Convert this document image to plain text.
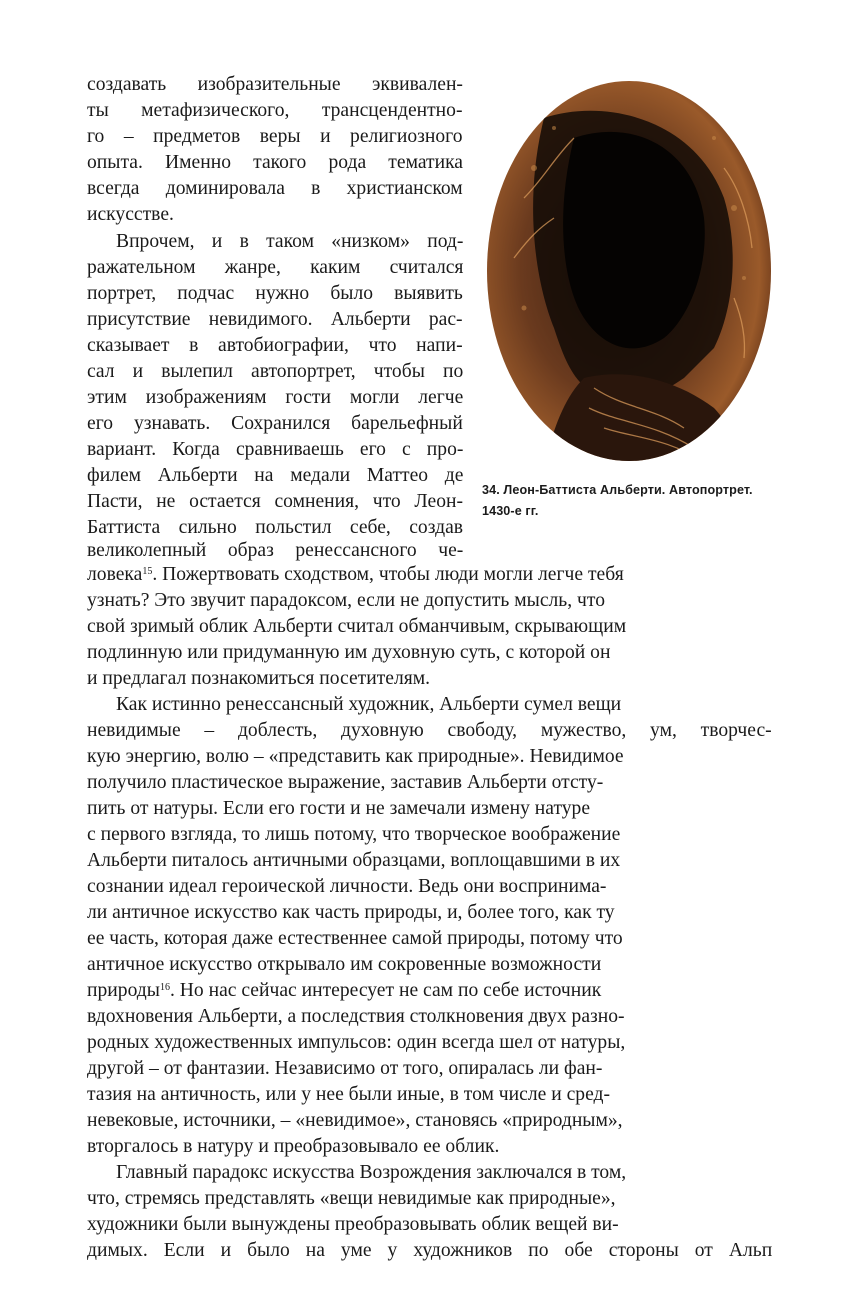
34. Леон-Баттиста Альберти. Автопортрет.
1430-е гг.
создавать изобразительные эквивален-
ты метафизического, трансцендентно-
го – предметов веры и религиозного
опыта. Именно такого рода тематика
всегда доминировала в христианском
искусстве.
Впрочем, и в таком «низком» под-
ражательном жанре, каким считался
портрет, подчас нужно было выявить
присутствие невидимого. Альберти рас-
сказывает в автобиографии, что напи-
сал и вылепил автопортрет, чтобы по
этим изображениям гости могли легче
его узнавать. Сохранился барельефный
вариант. Когда сравниваешь его с про-
филем Альберти на медали Маттео де
Пасти, не остается сомнения, что Леон-
Баттиста сильно польстил себе, создав
великолепный образ ренессансного че-
ловека$^{15}$. Пожертвовать сходством, чтобы люди могли легче тебя
узнать? Это звучит парадоксом, если не допустить мысль, что
свой зримый облик Альберти считал обманчивым, скрывающим
подлинную или придуманную им духовную суть, с которой он
и предлагал познакомиться посетителям.
Как истинно ренессансный художник, Альберти сумел вещи
невидимые – доблесть, духовную свободу, мужество, ум, творчес-
кую энергию, волю – «представить как природные». Невидимое
получило пластическое выражение, заставив Альберти отсту-
пить от натуры. Если его гости и не замечали измену натуре
с первого взгляда, то лишь потому, что творческое воображение
Альберти питалось античными образцами, воплощавшими в их
сознании идеал героической личности. Ведь они воспринима-
ли античное искусство как часть природы, и, более того, как ту
ее часть, которая даже естественнее самой природы, потому что
античное искусство открывало им сокровенные возможности
природы$^{16}$. Но нас сейчас интересует не сам по себе источник
вдохновения Альберти, а последствия столкновения двух разно-
родных художественных импульсов: один всегда шел от натуры,
другой – от фантазии. Независимо от того, опиралась ли фан-
тазия на античность, или у нее были иные, в том числе и сред-
невековые, источники, – «невидимое», становясь «природным»,
вторгалось в натуру и преобразовывало ее облик.
Главный парадокс искусства Возрождения заключался в том,
что, стремясь представлять «вещи невидимые как природные»,
художники были вынуждены преобразовывать облик вещей ви-
димых. Если и было на уме у художников по обе стороны от Альп
